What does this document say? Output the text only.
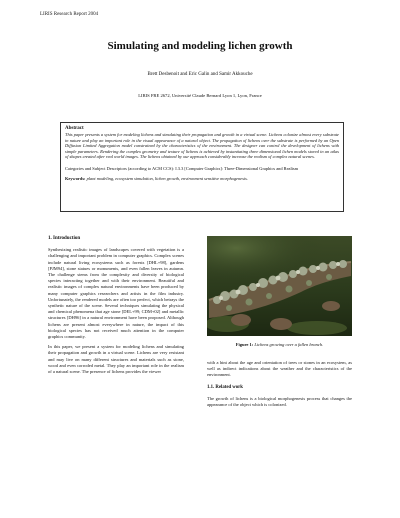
LIRIS Research Report 2004
Simulating and modeling lichen growth
Brett Desbenoit and Eric Galin and Samir Akkouche
LIRIS FRE 2672, Université Claude Bernard Lyon 1, Lyon, France
Abstract
This paper presents a system for modeling lichens and simulating their propagation and growth in a virtual scene. Lichens colonize almost every substrate in nature and play an important role in the visual appearance of a natural object. The propagation of lichens over the substrate is performed by an Open Diffusion Limited Aggregation model constrained by the characteristics of the environment. The designer can control the development of lichens with simple parameters. Rendering the complex geometry and texture of lichens is achieved by instantiating three dimensional lichen models stored in an atlas of shapes created after real world images. The lichens obtained by our approach considerably increase the realism of complex natural scenes.
Categories and Subject Descriptors (according to ACM CCS): I.3.3 [Computer Graphics]: Three-Dimensional Graphics and Realism
Keywords: plant modeling, ecosystem simulation, lichen growth, environment sensitive morphogenesis.
1. Introduction

Synthesizing realistic images of landscapes covered with vegetation is a challenging and important problem in computer graphics. Complex scenes include natural living ecosystems such as forests [DHL+98], gardens [PJM94], stone statues or monuments, and even fallen leaves in autumn. The challenge stems from the complexity and diversity of biological species interacting together and with their environment. Beautiful and realistic images of complex natural environments have been produced by many computer graphics researchers and artists in the film industry. Unfortunately, the rendered models are often too perfect, which betrays the synthetic nature of the scene. Several techniques simulating the physical and chemical phenomena that age stone [DEL+99; CDM+02] and metallic structures [DH96] in a natural environment have been proposed. Although lichens are present almost everywhere in nature, the impact of this biological species has not received much attention in the computer graphics community.

In this paper, we present a system for modeling lichens and simulating their propagation and growth in a virtual scene. Lichens are very resistant and may live on many different structures and materials such as stone, wood and even corroded metal. They play an important role in the realism of a natural scene. The presence of lichens provides the viewer

Figure 1: Lichens growing over a fallen branch.

with a hint about the age and orientation of trees or stones in an ecosystem, as well as indirect indications about the weather and the characteristics of the environment.

1.1. Related work

The growth of lichens is a biological morphogenesis process that changes the appearance of the object which is colonized.
